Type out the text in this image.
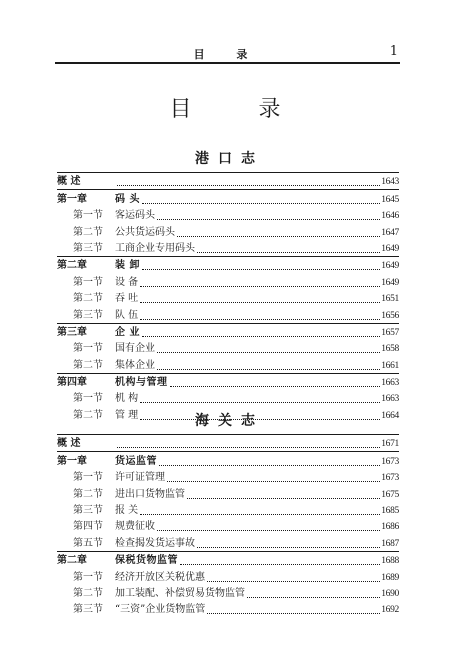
目 录	1
目 录
港口志
概 述	1643
第一章	码 头	1645
第一节	客运码头	1646
第二节	公共货运码头	1647
第三节	工商企业专用码头	1649
第二章	装 卸	1649
第一节	设 备	1649
第二节	吞 吐	1651
第三节	队 伍	1656
第三章	企 业	1657
第一节	国有企业	1658
第二节	集体企业	1661
第四章	机构与管理	1663
第一节	机 构	1663
第二节	管 理	1664
海关志
概 述	1671
第一章	货运监管	1673
第一节	许可证管理	1673
第二节	进出口货物监管	1675
第三节	报 关	1685
第四节	规费征收	1686
第五节	检查揭发货运事故	1687
第二章	保税货物监管	1688
第一节	经济开放区关税优惠	1689
第二节	加工装配、补偿贸易货物监管	1690
第三节	“三资”企业货物监管	1692
